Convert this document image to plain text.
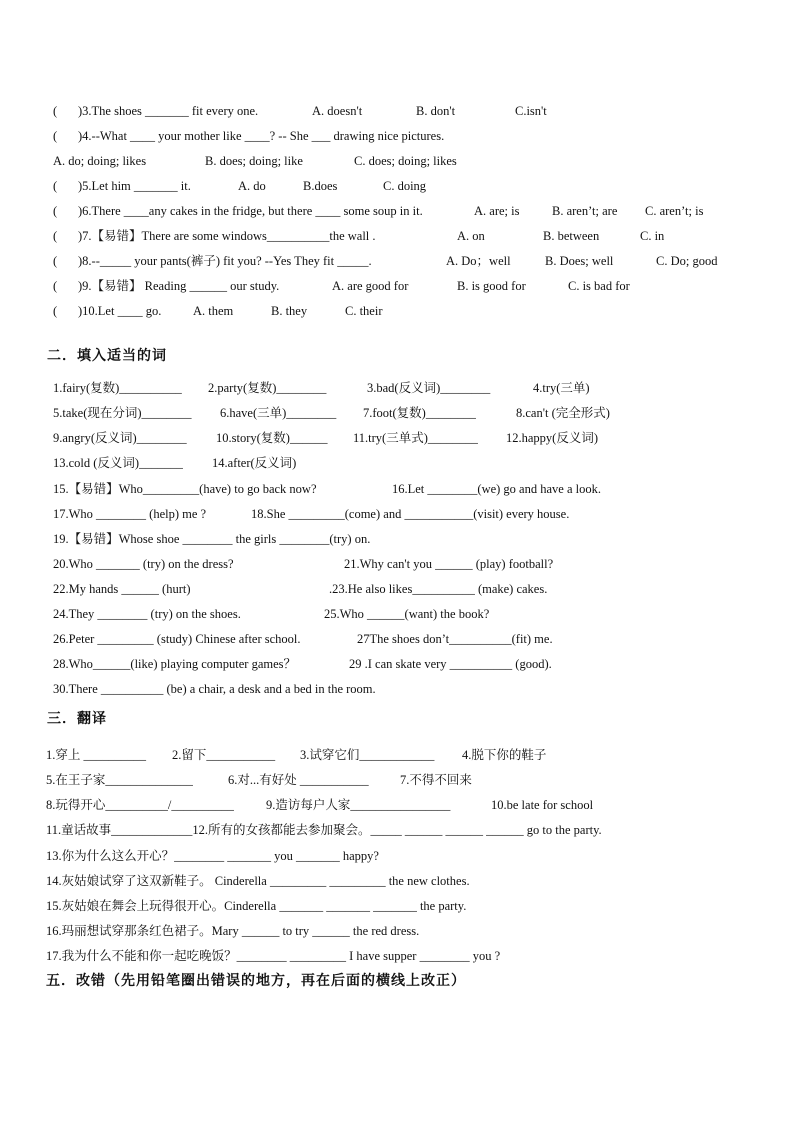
( )3.The shoes _______ fit every one.	A. doesn't	B. don't	C.isn't
( )4.--What ____ your mother like ____? -- She ___ drawing nice pictures.
A. do; doing; likes	B. does; doing; like	C. does; doing; likes
( )5.Let him _______ it.	A. do	B.does	C. doing
( )6.There ____any cakes in the fridge, but there ____ some soup in it.	A. are; is	B. aren’t; are C. aren’t; is
( )7.【易错】There are some windows__________the wall .	A. on	B. between	C. in
( )8.--_____ your pants(裤子) fit you? --Yes They fit _____.	A. Do；well	B. Does; well	C. Do; good
( )9.【易错】 Reading ______ our study.	A. are good for	B. is good for	C. is bad for
( )10.Let ____ go.	A. them	B. they	C. their
二．填入适当的词
1.fairy(复数)__________ 2.party(复数)________	3.bad(反义词)________	4.try(三单)
5.take(现在分词)________ 6.have(三单)________ 7.foot(复数)________	8.can't (完全形式)
9.angry(反义词)________ 10.story(复数)______ 11.try(三单式)________ 12.happy(反义词)
13.cold (反义词)_______ 14.after(反义词)
15.【易错】Who_________(have) to go back now?	16.Let ________(we) go and have a look.
17.Who ________ (help) me ?	18.She _________(come) and ___________(visit) every house.
19.【易错】Whose shoe ________ the girls ________(try) on.
20.Who _______ (try) on the dress?	21.Why can't you ______ (play) football?
22.My hands ______ (hurt)	.23.He also likes__________ (make) cakes.
24.They ________ (try) on the shoes.	25.Who ______(want) the book?
26.Peter _________ (study) Chinese after school.	27The shoes don’t__________(fit) me.
28.Who______(like) playing computer games？	29 .I can skate very __________ (good).
30.There __________ (be) a chair, a desk and a bed in the room.
三．翻译
1.穿上 __________ 2.留下___________ 3.试穿它们____________ 4.脱下你的鞋子
5.在王子家______________	6.对...有好处 ___________	7.不得不回来
8.玩得开心__________/__________	9.造访每户人家________________	10.be late for school
11.童话故事_____________12.所有的女孩都能去参加聚会。_____ ______ ______ ______ go to the party.
13.你为什么这么开心？________ _______ you _______ happy?
14.灰姑娘试穿了这双新鞋子。 Cinderella _________ _________ the new clothes.
15.灰姑娘在舞会上玩得很开心。Cinderella _______ _______ _______ the party.
16.玛丽想试穿那条红色裙子。Mary ______ to try ______ the red dress.
17.我为什么不能和你一起吃晚饭？________ _________ I have supper ________ you ?
五．改错（先用铅笔圈出错误的地方，再在后面的横线上改正）
